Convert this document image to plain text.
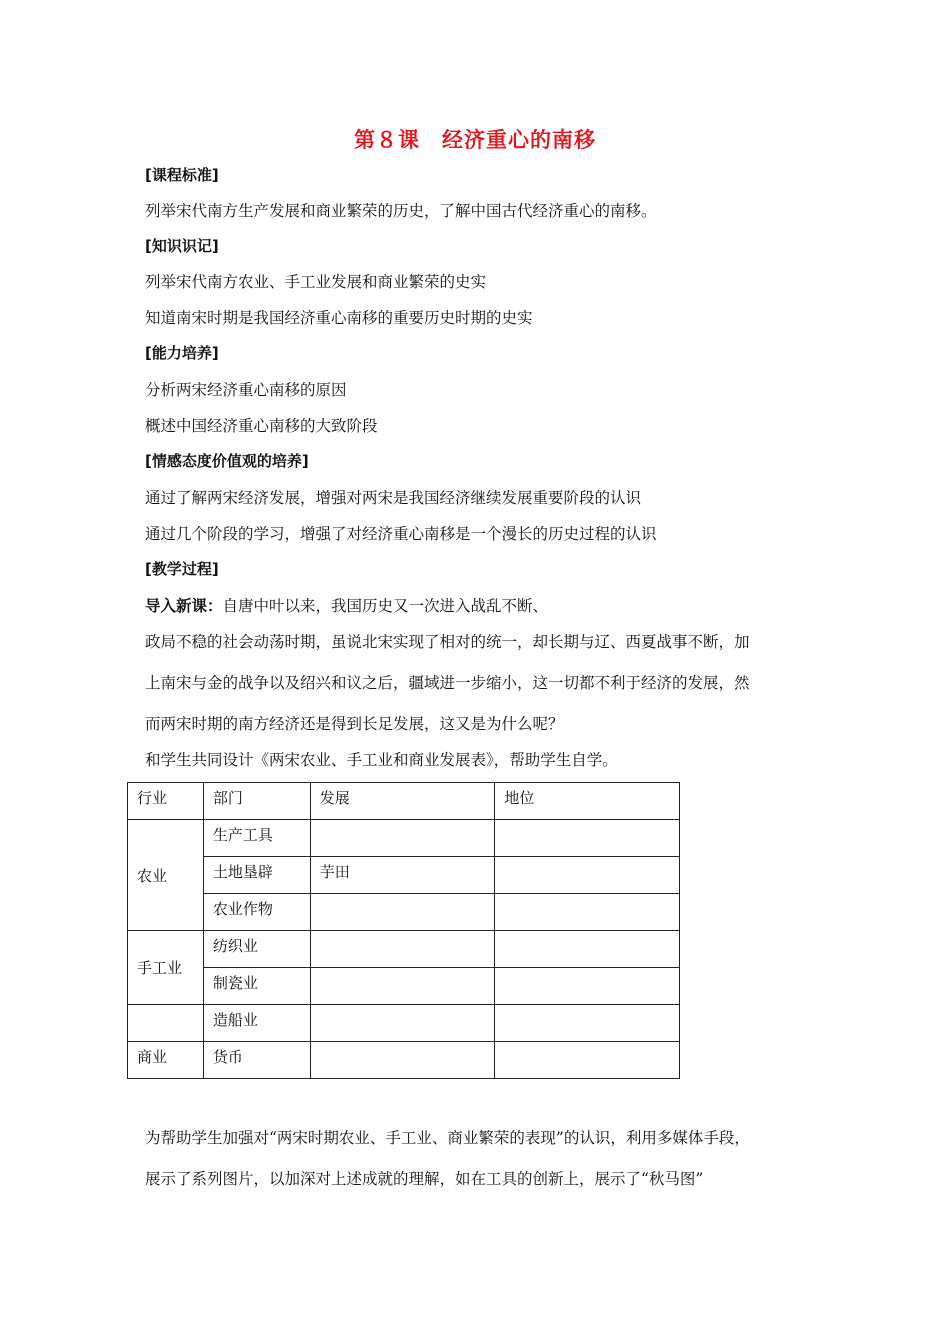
第８课　经济重心的南移
[课程标准]
列举宋代南方生产发展和商业繁荣的历史，了解中国古代经济重心的南移。
[知识识记]
列举宋代南方农业、手工业发展和商业繁荣的史实
知道南宋时期是我国经济重心南移的重要历史时期的史实
[能力培养]
分析两宋经济重心南移的原因
概述中国经济重心南移的大致阶段
[情感态度价值观的培养]
通过了解两宋经济发展，增强对两宋是我国经济继续发展重要阶段的认识
通过几个阶段的学习，增强了对经济重心南移是一个漫长的历史过程的认识
[教学过程]
导入新课：自唐中叶以来，我国历史又一次进入战乱不断、
政局不稳的社会动荡时期，虽说北宋实现了相对的统一，却长期与辽、西夏战事不断，加
上南宋与金的战争以及绍兴和议之后，疆域进一步缩小，这一切都不利于经济的发展，然
而两宋时期的南方经济还是得到长足发展，这又是为什么呢？
和学生共同设计《两宋农业、手工业和商业发展表》，帮助学生自学。
行业	部门	发展	地位
农业	生产工具		
	土地垦辟	芋田	
	农业作物		
手工业	纺织业		
	制瓷业		
	造船业		
商业	货币		
为帮助学生加强对“两宋时期农业、手工业、商业繁荣的表现”的认识，利用多媒体手段，
展示了系列图片，以加深对上述成就的理解，如在工具的创新上，展示了“秋马图”
